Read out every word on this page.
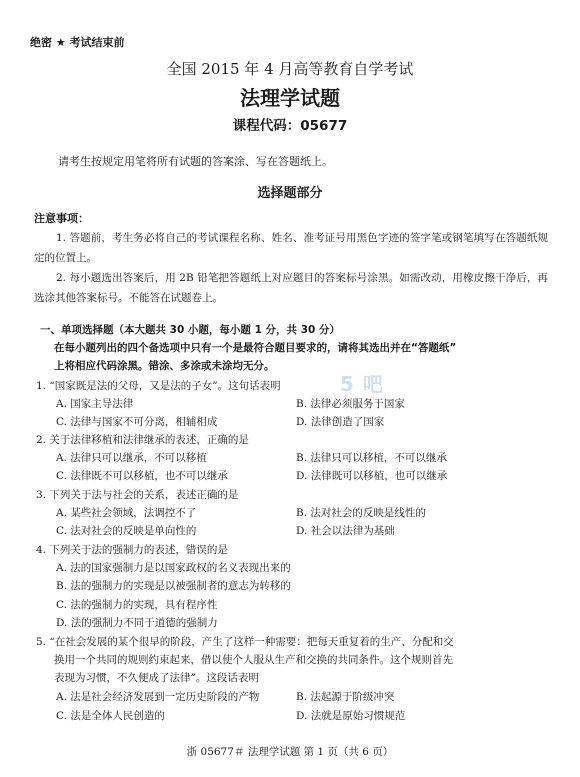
绝密 ★ 考试结束前
全国 2015 年 4 月高等教育自学考试
法理学试题
课程代码：05677
请考生按规定用笔将所有试题的答案涂、写在答题纸上。
选择题部分
注意事项：
1. 答题前，考生务必将自己的考试课程名称、姓名、准考证号用黑色字迹的签字笔或钢笔填写在答题纸规定的位置上。
2. 每小题选出答案后，用 2B 铅笔把答题纸上对应题目的答案标号涂黑。如需改动，用橡皮擦干净后，再选涂其他答案标号。不能答在试题卷上。
一、单项选择题（本大题共 30 小题，每小题 1 分，共 30 分）
在每小题列出的四个备选项中只有一个是最符合题目要求的，请将其选出并在“答题纸”
上将相应代码涂黑。错涂、多涂或未涂均无分。
5 吧
1. “国家既是法的父母，又是法的子女”。这句话表明
A. 国家主导法律	B. 法律必须服务于国家
C. 法律与国家不可分离，相辅相成	D. 法律创造了国家
2. 关于法律移植和法律继承的表述，正确的是
A. 法律只可以继承，不可以移植	B. 法律只可以移植，不可以继承
C. 法律既不可以移植，也不可以继承	D. 法律既可以移植，也可以继承
3. 下列关于法与社会的关系，表述正确的是
A. 某些社会领域，法调控不了	B. 法对社会的反映是线性的
C. 法对社会的反映是单向性的	D. 社会以法律为基础
4. 下列关于法的强制力的表述，错误的是
A. 法的国家强制力是以国家政权的名义表现出来的
B. 法的强制力的实现是以被强制者的意志为转移的
C. 法的强制力的实现，具有程序性
D. 法的强制力不同于道德的强制力
5. “在社会发展的某个很早的阶段，产生了这样一种需要：把每天重复着的生产、分配和交
换用一个共同的规则约束起来，借以使个人服从生产和交换的共同条件。这个规则首先
表现为习惯，不久便成了法律”。这段话表明
A. 法是社会经济发展到一定历史阶段的产物	B. 法起源于阶级冲突
C. 法是全体人民创造的	D. 法就是原始习惯规范
浙 05677＃ 法理学试题 第 1 页（共 6 页）
